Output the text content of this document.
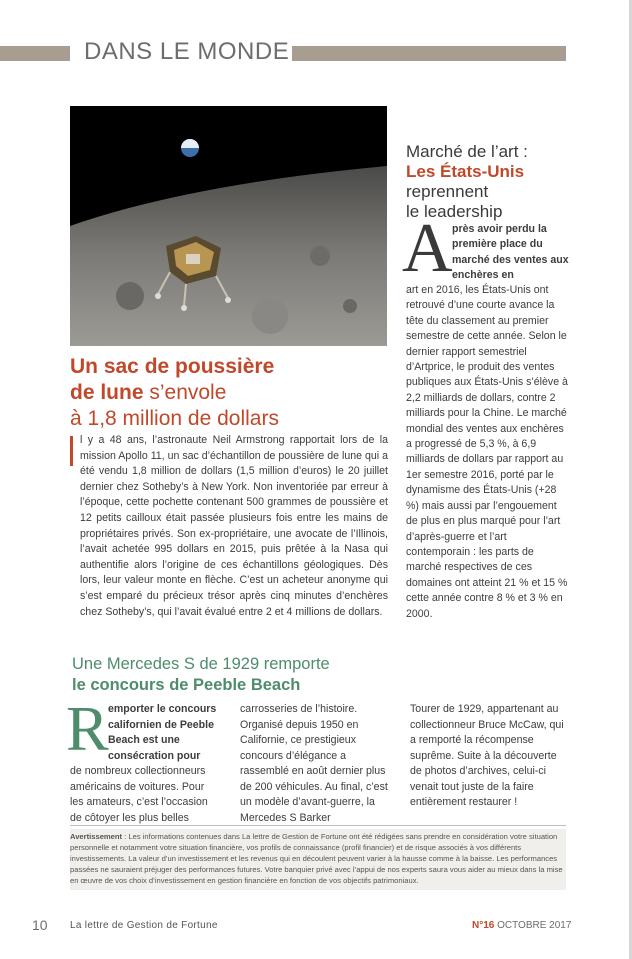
DANS LE MONDE
Un sac de poussière
de lune s’envole
à 1,8 million de dollars
l y a 48 ans, l’astronaute Neil Armstrong rapportait lors de la mission Apollo 11, un sac d’échantillon de poussière de lune qui a été vendu 1,8 million de dollars (1,5 million d’euros) le 20 juillet dernier chez Sotheby’s à New York. Non inventoriée par erreur à l’époque, cette pochette contenant 500 grammes de poussière et 12 petits cailloux était passée plusieurs fois entre les mains de propriétaires privés. Son ex-propriétaire, une avocate de l’Illinois, l’avait achetée 995 dollars en 2015, puis prêtée à la Nasa qui authentifie alors l’origine de ces échantillons géologiques. Dès lors, leur valeur monte en flèche. C’est un acheteur anonyme qui s’est emparé du précieux trésor après cinq minutes d’enchères chez Sotheby’s, qui l’avait évalué entre 2 et 4 millions de dollars.
Marché de l’art :
Les États-Unis
reprennent
le leadership
A près avoir perdu la première place du marché des ventes aux enchères en
art en 2016, les États-Unis ont retrouvé d’une courte avance la tête du classement au premier semestre de cette année. Selon le dernier rapport semestriel d’Artprice, le produit des ventes publiques aux États-Unis s’élève à 2,2 milliards de dollars, contre 2 milliards pour la Chine. Le marché mondial des ventes aux enchères a progressé de 5,3 %, à 6,9 milliards de dollars par rapport au 1er semestre 2016, porté par le dynamisme des États-Unis (+28 %) mais aussi par l’engouement de plus en plus marqué pour l’art d’après-guerre et l’art contemporain : les parts de marché respectives de ces domaines ont atteint 21 % et 15 % cette année contre 8 % et 3 % en 2000.
Une Mercedes S de 1929 remporte
le concours de Peeble Beach
R emporter le concours californien de Peeble Beach est une consécration pour
de nombreux collectionneurs américains de voitures. Pour les amateurs, c’est l’occasion de côtoyer les plus belles
carrosseries de l’histoire. Organisé depuis 1950 en Californie, ce prestigieux concours d’élégance a rassemblé en août dernier plus de 200 véhicules. Au final, c’est un modèle d’avant-guerre, la Mercedes S Barker
Tourer de 1929, appartenant au collectionneur Bruce McCaw, qui a remporté la récompense suprême. Suite à la découverte de photos d’archives, celui-ci venait tout juste de la faire entièrement restaurer !
Avertissement : Les informations contenues dans La lettre de Gestion de Fortune ont été rédigées sans prendre en considération votre situation personnelle et notamment votre situation financière, vos profils de connaissance (profil financier) et de risque associés à vos différents investissements. La valeur d’un investissement et les revenus qui en découlent peuvent varier à la hausse comme à la baisse. Les performances passées ne sauraient préjuger des performances futures. Votre banquier privé avec l’appui de nos experts saura vous aider au mieux dans la mise en œuvre de vos choix d’investissement en gestion financière en fonction de vos objectifs patrimoniaux.
10 La lettre de Gestion de Fortune	N°16 OCTOBRE 2017
